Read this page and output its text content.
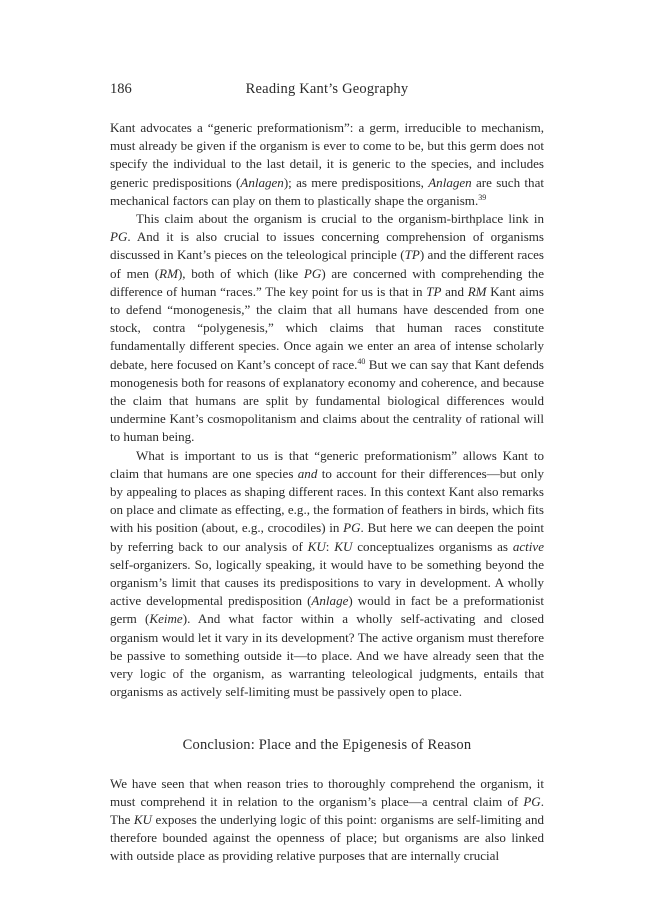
186	Reading Kant’s Geography

Kant advocates a “generic preformationism”: a germ, irreducible to mechanism, must already be given if the organism is ever to come to be, but this germ does not specify the individual to the last detail, it is generic to the species, and includes generic predispositions (Anlagen); as mere predispositions, Anlagen are such that mechanical factors can play on them to plastically shape the organism.$^{39}$

This claim about the organism is crucial to the organism-birthplace link in PG. And it is also crucial to issues concerning comprehension of organisms discussed in Kant’s pieces on the teleological principle (TP) and the different races of men (RM), both of which (like PG) are concerned with comprehending the difference of human “races.” The key point for us is that in TP and RM Kant aims to defend “monogenesis,” the claim that all humans have descended from one stock, contra “polygenesis,” which claims that human races constitute fundamentally different species. Once again we enter an area of intense scholarly debate, here focused on Kant’s concept of race.$^{40}$ But we can say that Kant defends monogenesis both for reasons of explanatory economy and coherence, and because the claim that humans are split by fundamental biological differences would undermine Kant’s cosmopolitanism and claims about the centrality of rational will to human being.

What is important to us is that “generic preformationism” allows Kant to claim that humans are one species and to account for their differences—but only by appealing to places as shaping different races. In this context Kant also remarks on place and climate as effecting, e.g., the formation of feathers in birds, which fits with his position (about, e.g., crocodiles) in PG. But here we can deepen the point by referring back to our analysis of KU: KU conceptualizes organisms as active self-organizers. So, logically speaking, it would have to be something beyond the organism’s limit that causes its predispositions to vary in development. A wholly active developmental predisposition (Anlage) would in fact be a preformationist germ (Keime). And what factor within a wholly self-activating and closed organism would let it vary in its development? The active organism must therefore be passive to something outside it—to place. And we have already seen that the very logic of the organism, as warranting teleological judgments, entails that organisms as actively self-limiting must be passively open to place.

Conclusion: Place and the Epigenesis of Reason

We have seen that when reason tries to thoroughly comprehend the organism, it must comprehend it in relation to the organism’s place—a central claim of PG. The KU exposes the underlying logic of this point: organisms are self-limiting and therefore bounded against the openness of place; but organisms are also linked with outside place as providing relative purposes that are internally crucial
